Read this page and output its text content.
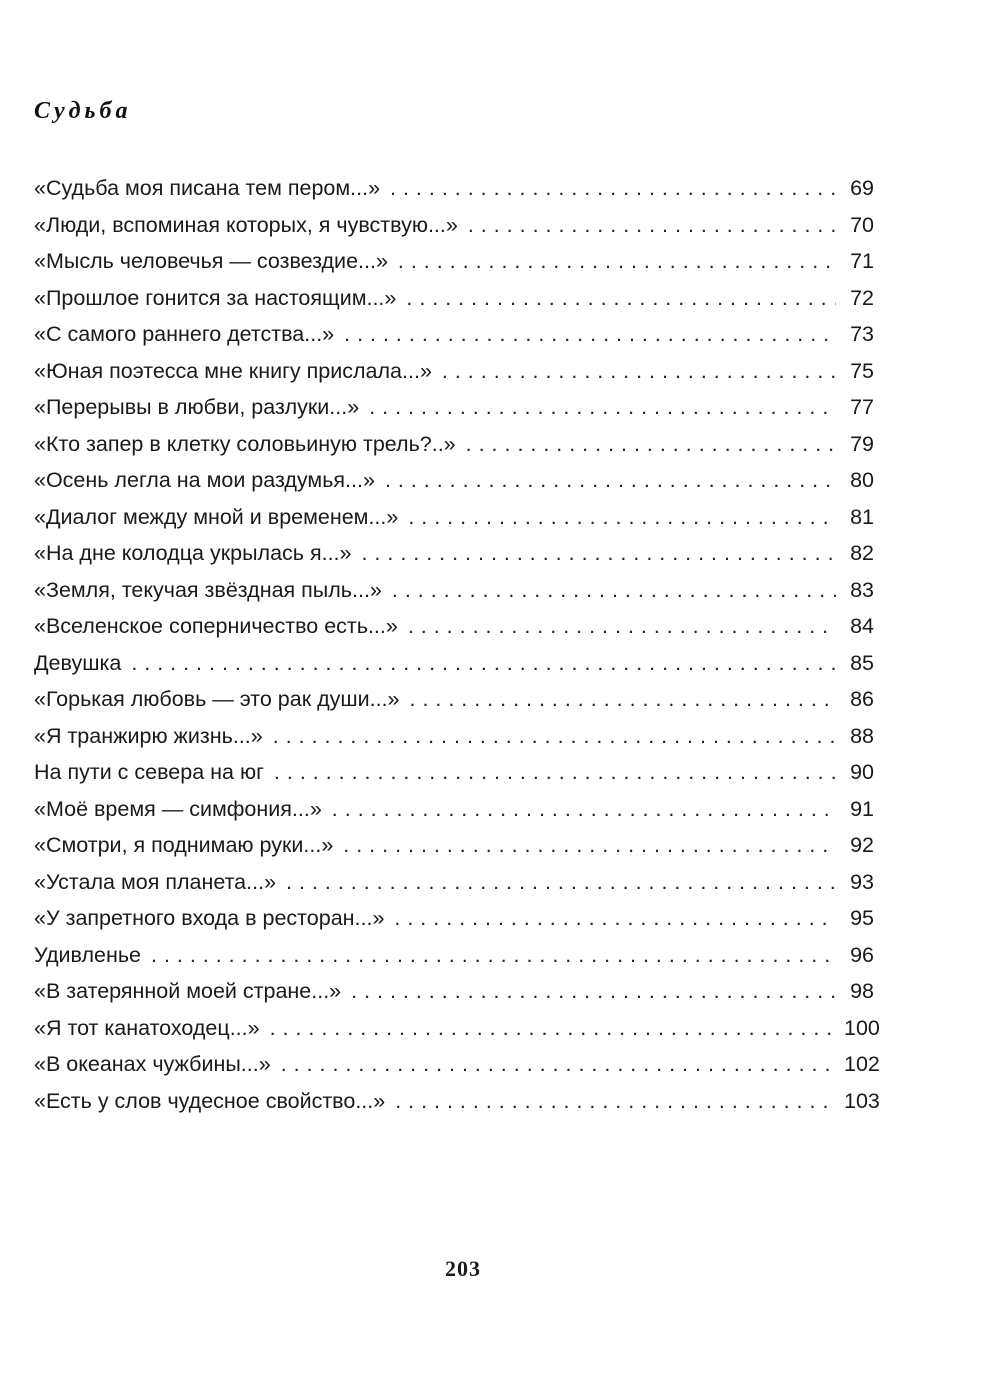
Судьба
«Судьба моя писана тем пером...» . . .	69
«Люди, вспоминая которых, я чувствую...» . . .	70
«Мысль человечья — созвездие...» . . .	71
«Прошлое гонится за настоящим...» . . .	72
«С самого раннего детства...» . . .	73
«Юная поэтесса мне книгу прислала...» . . .	75
«Перерывы в любви, разлуки...» . . .	77
«Кто запер в клетку соловьиную трель?..» . . .	79
«Осень легла на мои раздумья...» . . .	80
«Диалог между мной и временем...» . . .	81
«На дне колодца укрылась я...» . . .	82
«Земля, текучая звёздная пыль...» . . .	83
«Вселенское соперничество есть...» . . .	84
Девушка . . .	85
«Горькая любовь — это рак души...» . . .	86
«Я транжирю жизнь...» . . .	88
На пути с севера на юг . . .	90
«Моё время — симфония...» . . .	91
«Смотри, я поднимаю руки...» . . .	92
«Устала моя планета...» . . .	93
«У запретного входа в ресторан...» . . .	95
Удивленье . . .	96
«В затерянной моей стране...» . . .	98
«Я тот канатоходец...» . . .	100
«В океанах чужбины...» . . .	102
«Есть у слов чудесное свойство...» . . .	103
203
